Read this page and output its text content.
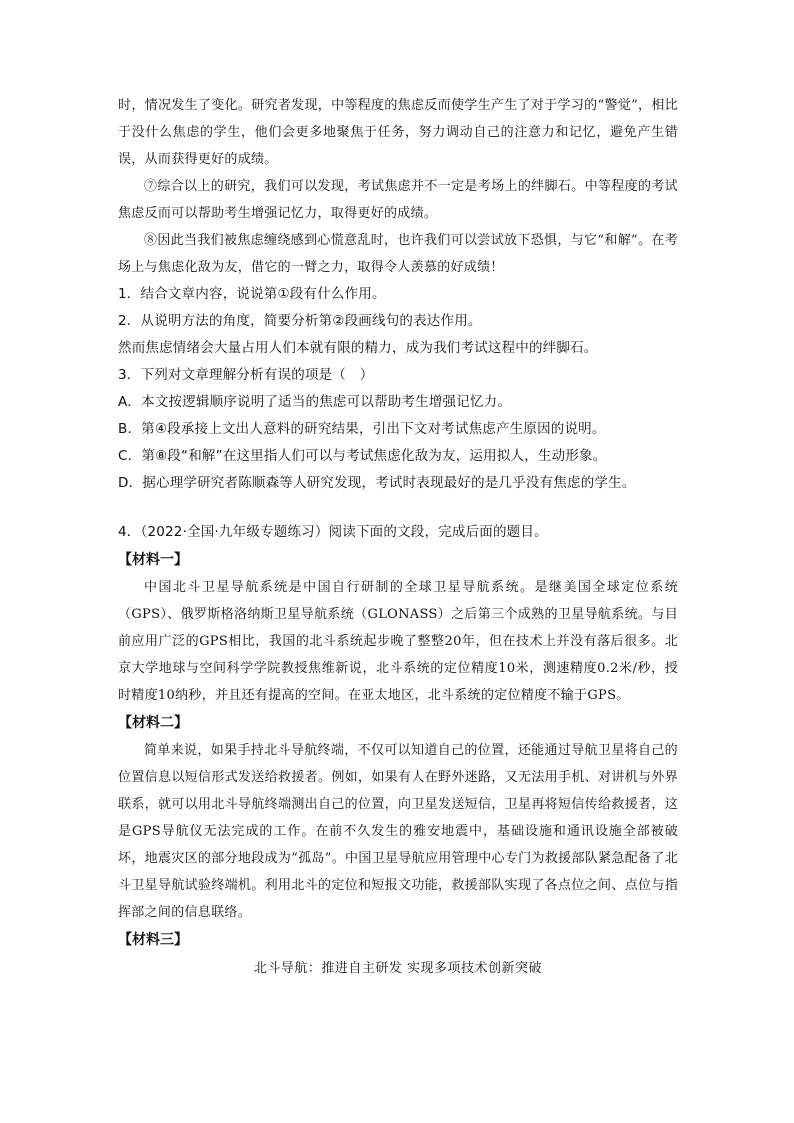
时，情况发生了变化。研究者发现，中等程度的焦虑反而使学生产生了对于学习的“警觉”，相比于没什么焦虑的学生，他们会更多地聚焦于任务，努力调动自己的注意力和记忆，避免产生错误，从而获得更好的成绩。

⑦综合以上的研究，我们可以发现，考试焦虑并不一定是考场上的绊脚石。中等程度的考试焦虑反而可以帮助考生增强记忆力，取得更好的成绩。

⑧因此当我们被焦虑缠绕感到心慌意乱时，也许我们可以尝试放下恐惧，与它“和解”。在考场上与焦虑化敌为友，借它的一臂之力，取得令人羡慕的好成绩！

1．结合文章内容，说说第①段有什么作用。

2．从说明方法的角度，简要分析第②段画线句的表达作用。

然而焦虑情绪会大量占用人们本就有限的精力，成为我们考试这程中的绊脚石。

3．下列对文章理解分析有误的项是（　）

A．本文按逻辑顺序说明了适当的焦虑可以帮助考生增强记忆力。

B．第④段承接上文出人意料的研究结果，引出下文对考试焦虑产生原因的说明。

C．第⑧段“和解”在这里指人们可以与考试焦虑化敌为友，运用拟人，生动形象。

D．据心理学研究者陈顺森等人研究发现，考试时表现最好的是几乎没有焦虑的学生。

4．（2022·全国·九年级专题练习）阅读下面的文段，完成后面的题目。

【材料一】

中国北斗卫星导航系统是中国自行研制的全球卫星导航系统。是继美国全球定位系统（GPS）、俄罗斯格洛纳斯卫星导航系统（GLONASS）之后第三个成熟的卫星导航系统。与目前应用广泛的GPS相比，我国的北斗系统起步晚了整整20年，但在技术上并没有落后很多。北京大学地球与空间科学学院教授焦维新说，北斗系统的定位精度10米，测速精度0.2米/秒，授时精度10纳秒，并且还有提高的空间。在亚太地区，北斗系统的定位精度不输于GPS。

【材料二】

简单来说，如果手持北斗导航终端，不仅可以知道自己的位置，还能通过导航卫星将自己的位置信息以短信形式发送给救援者。例如，如果有人在野外迷路，又无法用手机、对讲机与外界联系，就可以用北斗导航终端测出自己的位置，向卫星发送短信，卫星再将短信传给救援者，这是GPS导航仪无法完成的工作。在前不久发生的雅安地震中，基础设施和通讯设施全部被破坏，地震灾区的部分地段成为“孤岛”。中国卫星导航应用管理中心专门为救援部队紧急配备了北斗卫星导航试验终端机。利用北斗的定位和短报文功能，救援部队实现了各点位之间、点位与指挥部之间的信息联络。

【材料三】

北斗导航：推进自主研发 实现多项技术创新突破
